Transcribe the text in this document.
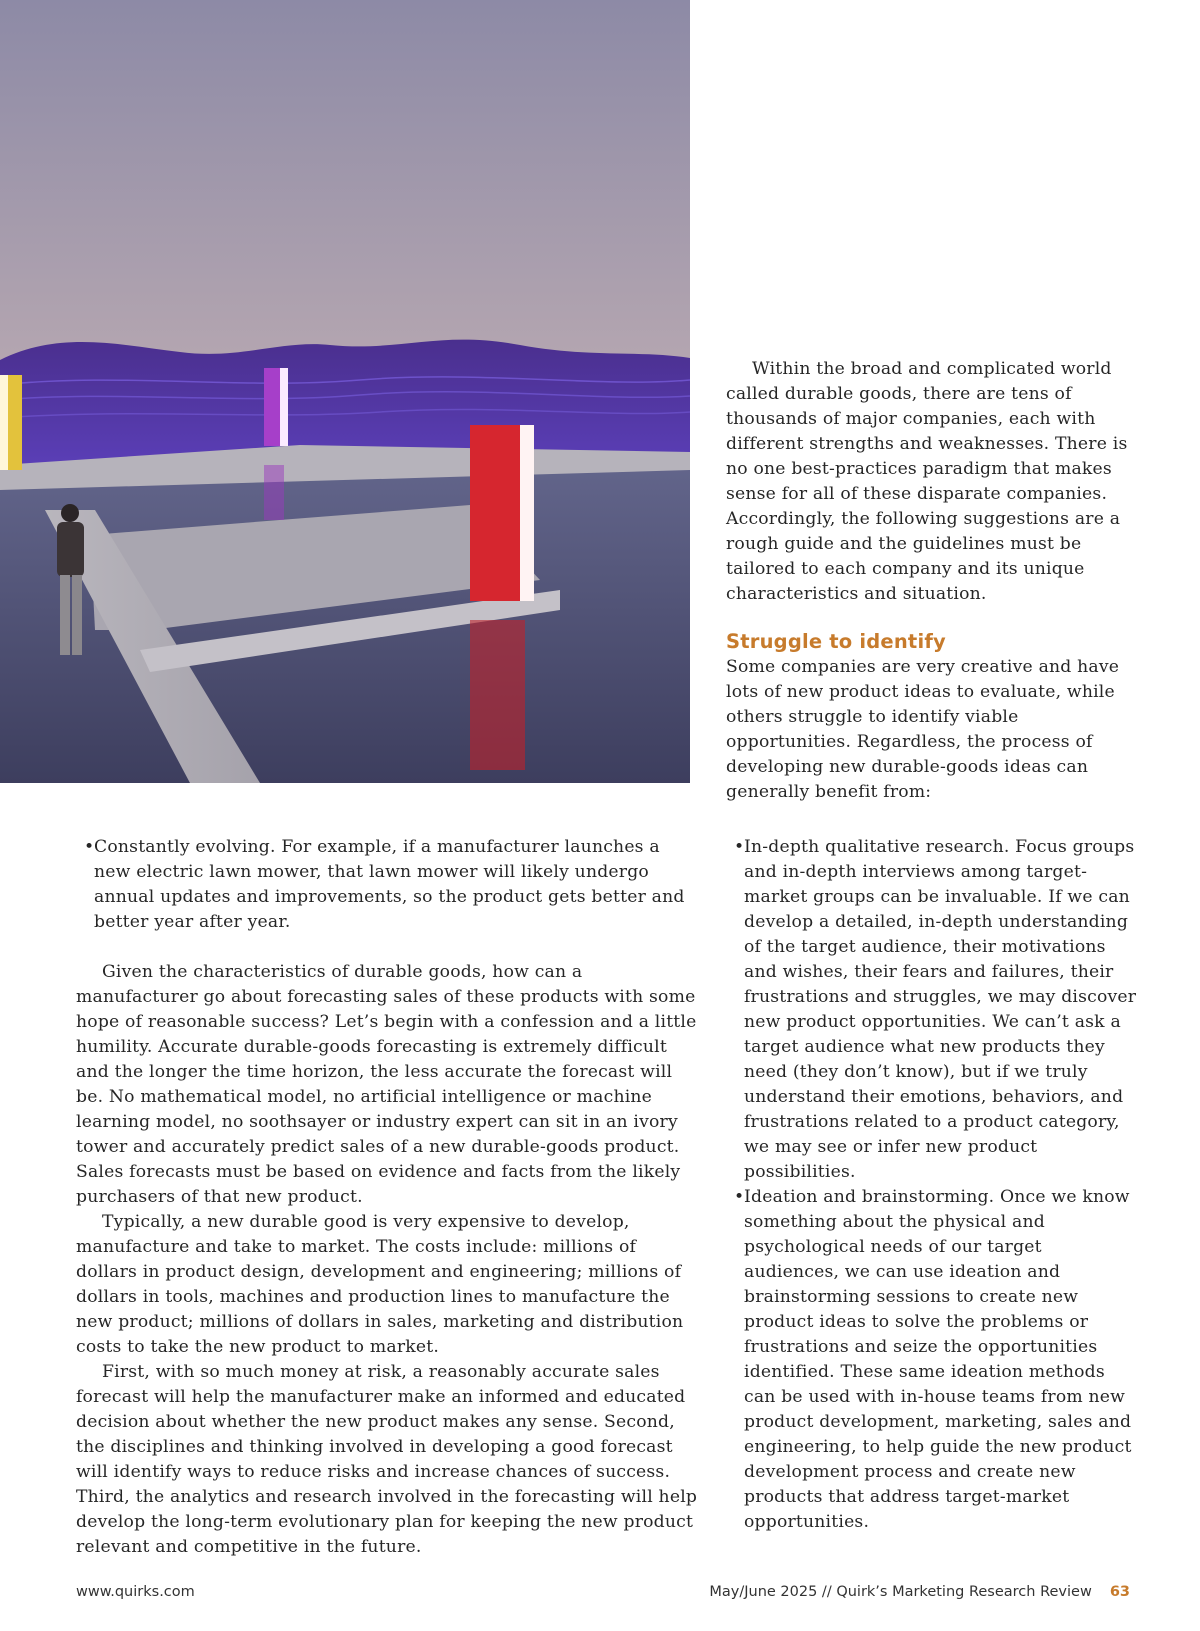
Within the broad and complicated world called durable goods, there are tens of thousands of major companies, each with different strengths and weaknesses. There is no one best-practices paradigm that makes sense for all of these disparate companies. Accordingly, the following suggestions are a rough guide and the guidelines must be tailored to each company and its unique characteristics and situation.

Struggle to identify

Some companies are very creative and have lots of new product ideas to evaluate, while others struggle to identify viable opportunities. Regardless, the process of developing new durable-goods ideas can generally benefit from:

• Constantly evolving. For example, if a manufacturer launches a new electric lawn mower, that lawn mower will likely undergo annual updates and improvements, so the product gets better and better year after year.

Given the characteristics of durable goods, how can a manufacturer go about forecasting sales of these products with some hope of reasonable success? Let’s begin with a confession and a little humility. Accurate durable-goods forecasting is extremely difficult and the longer the time horizon, the less accurate the forecast will be. No mathematical model, no artificial intelligence or machine learning model, no soothsayer or industry expert can sit in an ivory tower and accurately predict sales of a new durable-goods product. Sales forecasts must be based on evidence and facts from the likely purchasers of that new product.

Typically, a new durable good is very expensive to develop, manufacture and take to market. The costs include: millions of dollars in product design, development and engineering; millions of dollars in tools, machines and production lines to manufacture the new product; millions of dollars in sales, marketing and distribution costs to take the new product to market.

First, with so much money at risk, a reasonably accurate sales forecast will help the manufacturer make an informed and educated decision about whether the new product makes any sense. Second, the disciplines and thinking involved in developing a good forecast will identify ways to reduce risks and increase chances of success. Third, the analytics and research involved in the forecasting will help develop the long-term evolutionary plan for keeping the new product relevant and competitive in the future.

• In-depth qualitative research. Focus groups and in-depth interviews among target-market groups can be invaluable. If we can develop a detailed, in-depth understanding of the target audience, their motivations and wishes, their fears and failures, their frustrations and struggles, we may discover new product opportunities. We can’t ask a target audience what new products they need (they don’t know), but if we truly understand their emotions, behaviors, and frustrations related to a product category, we may see or infer new product possibilities.

• Ideation and brainstorming. Once we know something about the physical and psychological needs of our target audiences, we can use ideation and brainstorming sessions to create new product ideas to solve the problems or frustrations and seize the opportunities identified. These same ideation methods can be used with in-house teams from new product development, marketing, sales and engineering, to help guide the new product development process and create new products that address target-market opportunities.

www.quirks.com	May/June 2025 // Quirk’s Marketing Research Review 63
